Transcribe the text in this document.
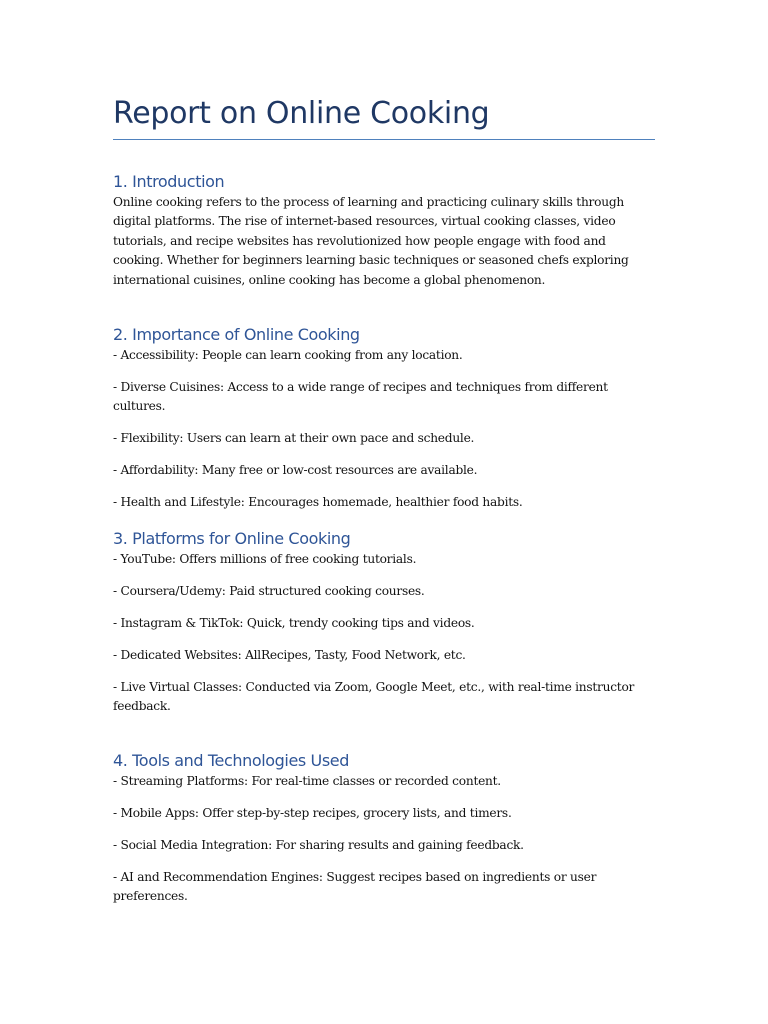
Report on Online Cooking
1. Introduction

Online cooking refers to the process of learning and practicing culinary skills through digital platforms. The rise of internet-based resources, virtual cooking classes, video tutorials, and recipe websites has revolutionized how people engage with food and cooking. Whether for beginners learning basic techniques or seasoned chefs exploring international cuisines, online cooking has become a global phenomenon.

2. Importance of Online Cooking
- Accessibility: People can learn cooking from any location.
- Diverse Cuisines: Access to a wide range of recipes and techniques from different cultures.
- Flexibility: Users can learn at their own pace and schedule.
- Affordability: Many free or low-cost resources are available.
- Health and Lifestyle: Encourages homemade, healthier food habits.
3. Platforms for Online Cooking
- YouTube: Offers millions of free cooking tutorials.
- Coursera/Udemy: Paid structured cooking courses.
- Instagram & TikTok: Quick, trendy cooking tips and videos.
- Dedicated Websites: AllRecipes, Tasty, Food Network, etc.
- Live Virtual Classes: Conducted via Zoom, Google Meet, etc., with real-time instructor feedback.
4. Tools and Technologies Used
- Streaming Platforms: For real-time classes or recorded content.
- Mobile Apps: Offer step-by-step recipes, grocery lists, and timers.
- Social Media Integration: For sharing results and gaining feedback.
- AI and Recommendation Engines: Suggest recipes based on ingredients or user preferences.
